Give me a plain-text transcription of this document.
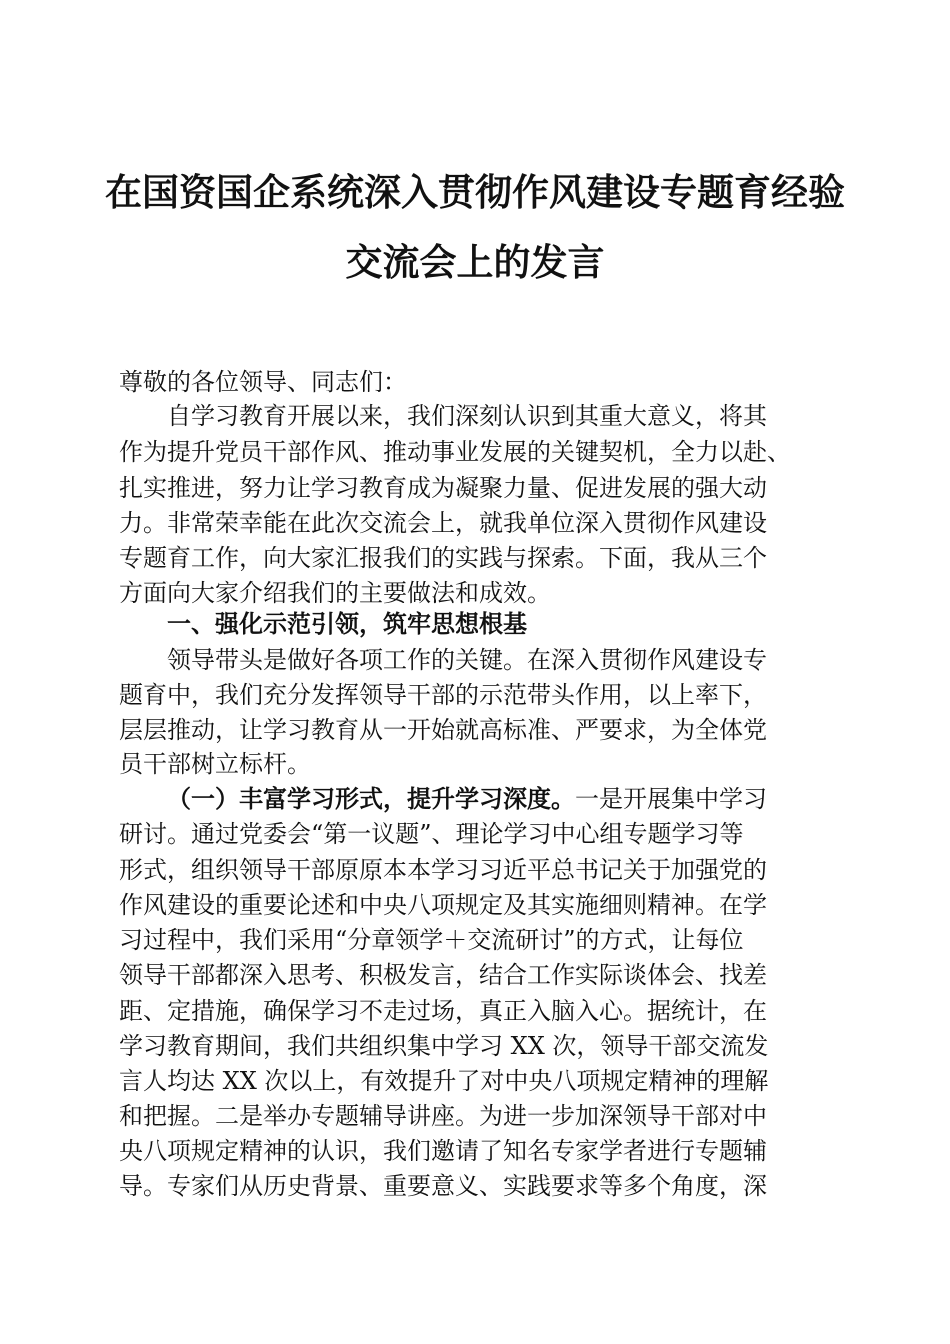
在国资国企系统深入贯彻作风建设专题育经验
交流会上的发言
尊敬的各位领导、同志们：
自学习教育开展以来，我们深刻认识到其重大意义，将其
作为提升党员干部作风、推动事业发展的关键契机，全力以赴、
扎实推进，努力让学习教育成为凝聚力量、促进发展的强大动
力。非常荣幸能在此次交流会上，就我单位深入贯彻作风建设
专题育工作，向大家汇报我们的实践与探索。下面，我从三个
方面向大家介绍我们的主要做法和成效。
一、强化示范引领，筑牢思想根基
领导带头是做好各项工作的关键。在深入贯彻作风建设专
题育中，我们充分发挥领导干部的示范带头作用，以上率下，
层层推动，让学习教育从一开始就高标准、严要求，为全体党
员干部树立标杆。
（一）丰富学习形式，提升学习深度。一是开展集中学习
研讨。通过党委会“第一议题”、理论学习中心组专题学习等
形式，组织领导干部原原本本学习习近平总书记关于加强党的
作风建设的重要论述和中央八项规定及其实施细则精神。在学
习过程中，我们采用“分章领学＋交流研讨”的方式，让每位
领导干部都深入思考、积极发言，结合工作实际谈体会、找差
距、定措施，确保学习不走过场，真正入脑入心。据统计，在
学习教育期间，我们共组织集中学习 XX 次，领导干部交流发
言人均达 XX 次以上，有效提升了对中央八项规定精神的理解
和把握。二是举办专题辅导讲座。为进一步加深领导干部对中
央八项规定精神的认识，我们邀请了知名专家学者进行专题辅
导。专家们从历史背景、重要意义、实践要求等多个角度，深
